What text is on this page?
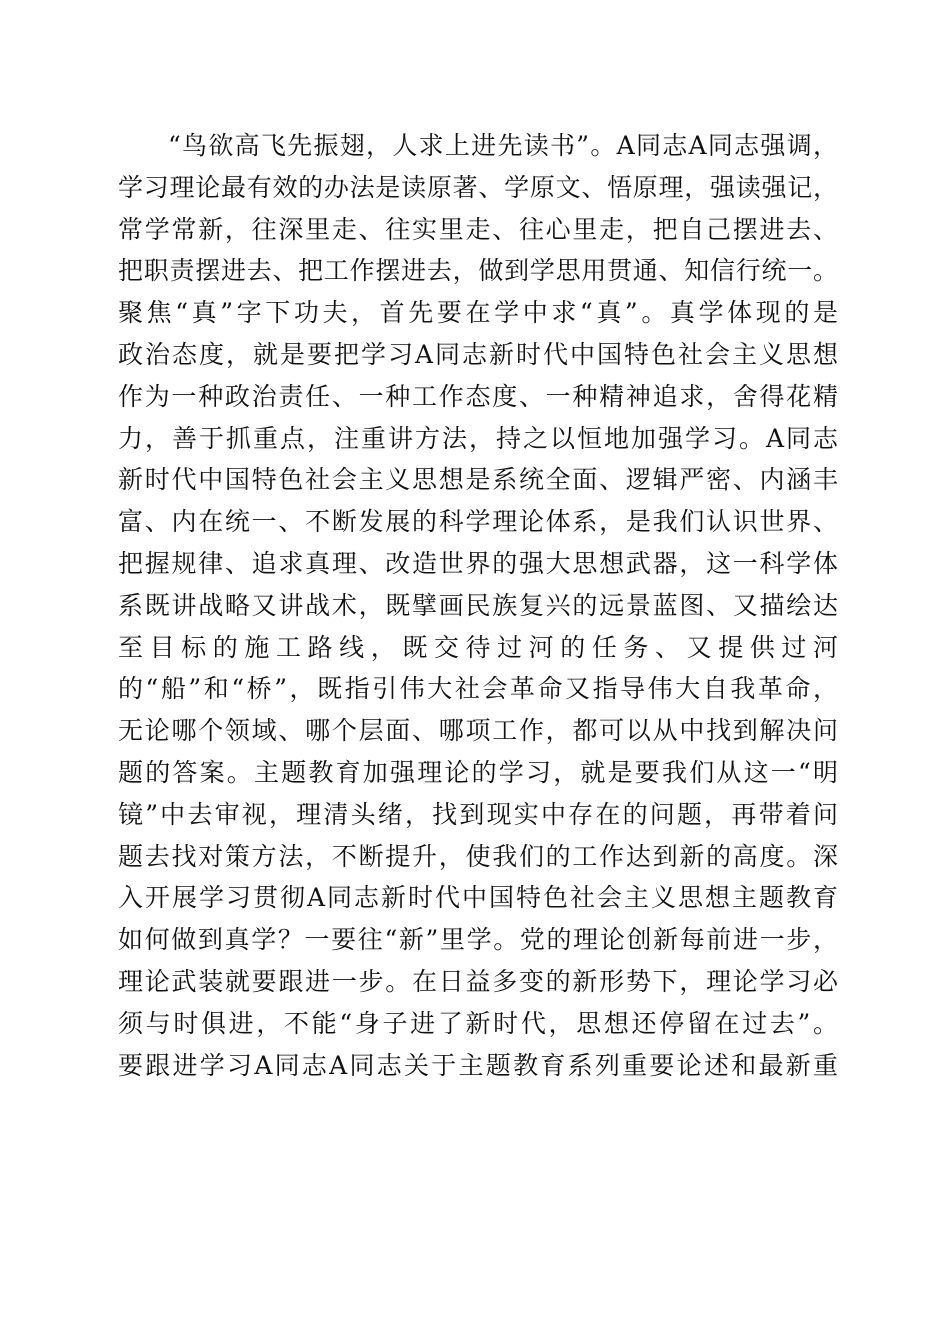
“鸟欲高飞先振翅，人求上进先读书”。A同志A同志强调，
学习理论最有效的办法是读原著、学原文、悟原理，强读强记，
常学常新，往深里走、往实里走、往心里走，把自己摆进去、
把职责摆进去、把工作摆进去，做到学思用贯通、知信行统一。
聚焦“真”字下功夫，首先要在学中求“真”。真学体现的是
政治态度，就是要把学习A同志新时代中国特色社会主义思想
作为一种政治责任、一种工作态度、一种精神追求，舍得花精
力，善于抓重点，注重讲方法，持之以恒地加强学习。A同志
新时代中国特色社会主义思想是系统全面、逻辑严密、内涵丰
富、内在统一、不断发展的科学理论体系，是我们认识世界、
把握规律、追求真理、改造世界的强大思想武器，这一科学体
系既讲战略又讲战术，既擘画民族复兴的远景蓝图、又描绘达
至目标的施工路线，既交待过河的任务、又提供过河
的“船”和“桥”，既指引伟大社会革命又指导伟大自我革命，
无论哪个领域、哪个层面、哪项工作，都可以从中找到解决问
题的答案。主题教育加强理论的学习，就是要我们从这一“明
镜”中去审视，理清头绪，找到现实中存在的问题，再带着问
题去找对策方法，不断提升，使我们的工作达到新的高度。深
入开展学习贯彻A同志新时代中国特色社会主义思想主题教育
如何做到真学？一要往“新”里学。党的理论创新每前进一步，
理论武装就要跟进一步。在日益多变的新形势下，理论学习必
须与时俱进，不能“身子进了新时代，思想还停留在过去”。
要跟进学习A同志A同志关于主题教育系列重要论述和最新重
